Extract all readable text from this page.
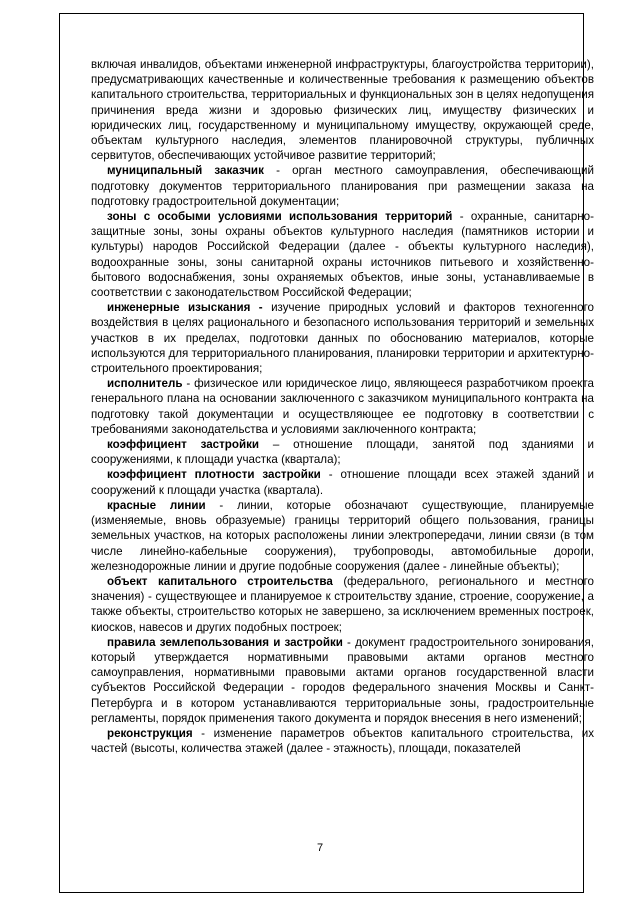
включая инвалидов, объектами инженерной инфраструктуры, благоустройства территории), предусматривающих качественные и количественные требования к размещению объектов капитального строительства, территориальных и функциональных зон в целях недопущения причинения вреда жизни и здоровью физических лиц, имуществу физических и юридических лиц, государственному и муниципальному имуществу, окружающей среде, объектам культурного наследия, элементов планировочной структуры, публичных сервитутов, обеспечивающих устойчивое развитие территорий;

муниципальный заказчик - орган местного самоуправления, обеспечивающий подготовку документов территориального планирования при размещении заказа на подготовку градостроительной документации;

зоны с особыми условиями использования территорий - охранные, санитарно-защитные зоны, зоны охраны объектов культурного наследия (памятников истории и культуры) народов Российской Федерации (далее - объекты культурного наследия), водоохранные зоны, зоны санитарной охраны источников питьевого и хозяйственно-бытового водоснабжения, зоны охраняемых объектов, иные зоны, устанавливаемые в соответствии с законодательством Российской Федерации;

инженерные изыскания - изучение природных условий и факторов техногенного воздействия в целях рационального и безопасного использования территорий и земельных участков в их пределах, подготовки данных по обоснованию материалов, которые используются для территориального планирования, планировки территории и архитектурно-строительного проектирования;

исполнитель - физическое или юридическое лицо, являющееся разработчиком проекта генерального плана на основании заключенного с заказчиком муниципального контракта на подготовку такой документации и осуществляющее ее подготовку в соответствии с требованиями законодательства и условиями заключенного контракта;

коэффициент застройки – отношение площади, занятой под зданиями и сооружениями, к площади участка (квартала);

коэффициент плотности застройки - отношение площади всех этажей зданий и сооружений к площади участка (квартала).

красные линии - линии, которые обозначают существующие, планируемые (изменяемые, вновь образуемые) границы территорий общего пользования, границы земельных участков, на которых расположены линии электропередачи, линии связи (в том числе линейно-кабельные сооружения), трубопроводы, автомобильные дороги, железнодорожные линии и другие подобные сооружения (далее - линейные объекты);

объект капитального строительства (федерального, регионального и местного значения) - существующее и планируемое к строительству здание, строение, сооружение, а также объекты, строительство которых не завершено, за исключением временных построек, киосков, навесов и других подобных построек;

правила землепользования и застройки - документ градостроительного зонирования, который утверждается нормативными правовыми актами органов местного самоуправления, нормативными правовыми актами органов государственной власти субъектов Российской Федерации - городов федерального значения Москвы и Санкт-Петербурга и в котором устанавливаются территориальные зоны, градостроительные регламенты, порядок применения такого документа и порядок внесения в него изменений;

реконструкция - изменение параметров объектов капитального строительства, их частей (высоты, количества этажей (далее - этажность), площади, показателей

7
